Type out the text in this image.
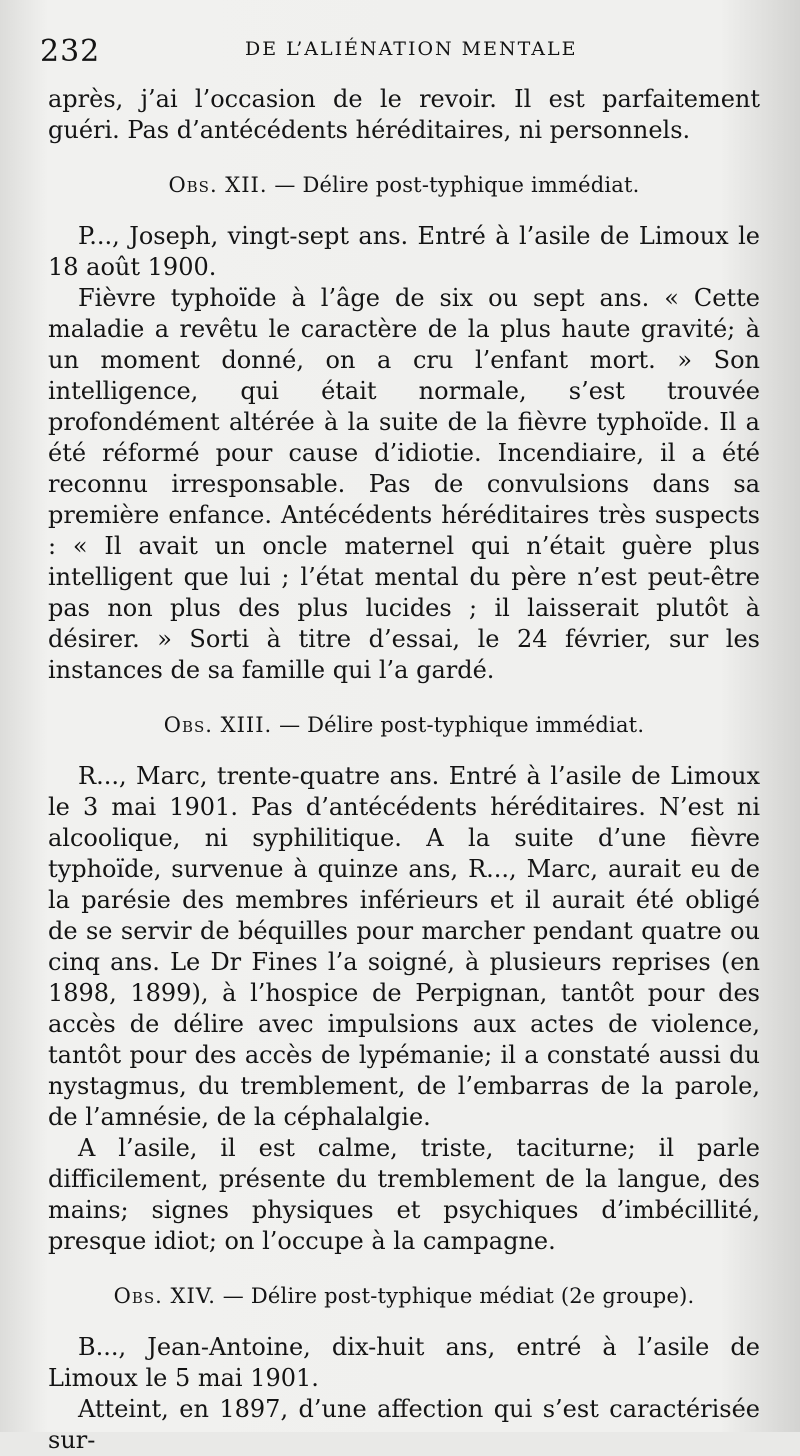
232	DE L’ALIÉNATION MENTALE

après, j’ai l’occasion de le revoir. Il est parfaitement guéri. Pas d’antécédents héréditaires, ni personnels.

Obs. XII. — Délire post-typhique immédiat.

P..., Joseph, vingt-sept ans. Entré à l’asile de Limoux le 18 août 1900.

Fièvre typhoïde à l’âge de six ou sept ans. « Cette maladie a revêtu le caractère de la plus haute gravité; à un moment donné, on a cru l’enfant mort. » Son intelligence, qui était normale, s’est trouvée profondément altérée à la suite de la fièvre typhoïde. Il a été réformé pour cause d’idiotie. Incendiaire, il a été reconnu irresponsable. Pas de convulsions dans sa première enfance. Antécédents héréditaires très suspects : « Il avait un oncle maternel qui n’était guère plus intelligent que lui ; l’état mental du père n’est peut-être pas non plus des plus lucides ; il laisserait plutôt à désirer. » Sorti à titre d’essai, le 24 février, sur les instances de sa famille qui l’a gardé.

Obs. XIII. — Délire post-typhique immédiat.

R..., Marc, trente-quatre ans. Entré à l’asile de Limoux le 3 mai 1901. Pas d’antécédents héréditaires. N’est ni alcoolique, ni syphilitique. A la suite d’une fièvre typhoïde, survenue à quinze ans, R..., Marc, aurait eu de la parésie des membres inférieurs et il aurait été obligé de se servir de béquilles pour marcher pendant quatre ou cinq ans. Le Dr Fines l’a soigné, à plusieurs reprises (en 1898, 1899), à l’hospice de Perpignan, tantôt pour des accès de délire avec impulsions aux actes de violence, tantôt pour des accès de lypémanie; il a constaté aussi du nystagmus, du tremblement, de l’embarras de la parole, de l’amnésie, de la céphalalgie.

A l’asile, il est calme, triste, taciturne; il parle difficilement, présente du tremblement de la langue, des mains; signes physiques et psychiques d’imbécillité, presque idiot; on l’occupe à la campagne.

Obs. XIV. — Délire post-typhique médiat (2e groupe).

B..., Jean-Antoine, dix-huit ans, entré à l’asile de Limoux le 5 mai 1901.

Atteint, en 1897, d’une affection qui s’est caractérisée sur-
